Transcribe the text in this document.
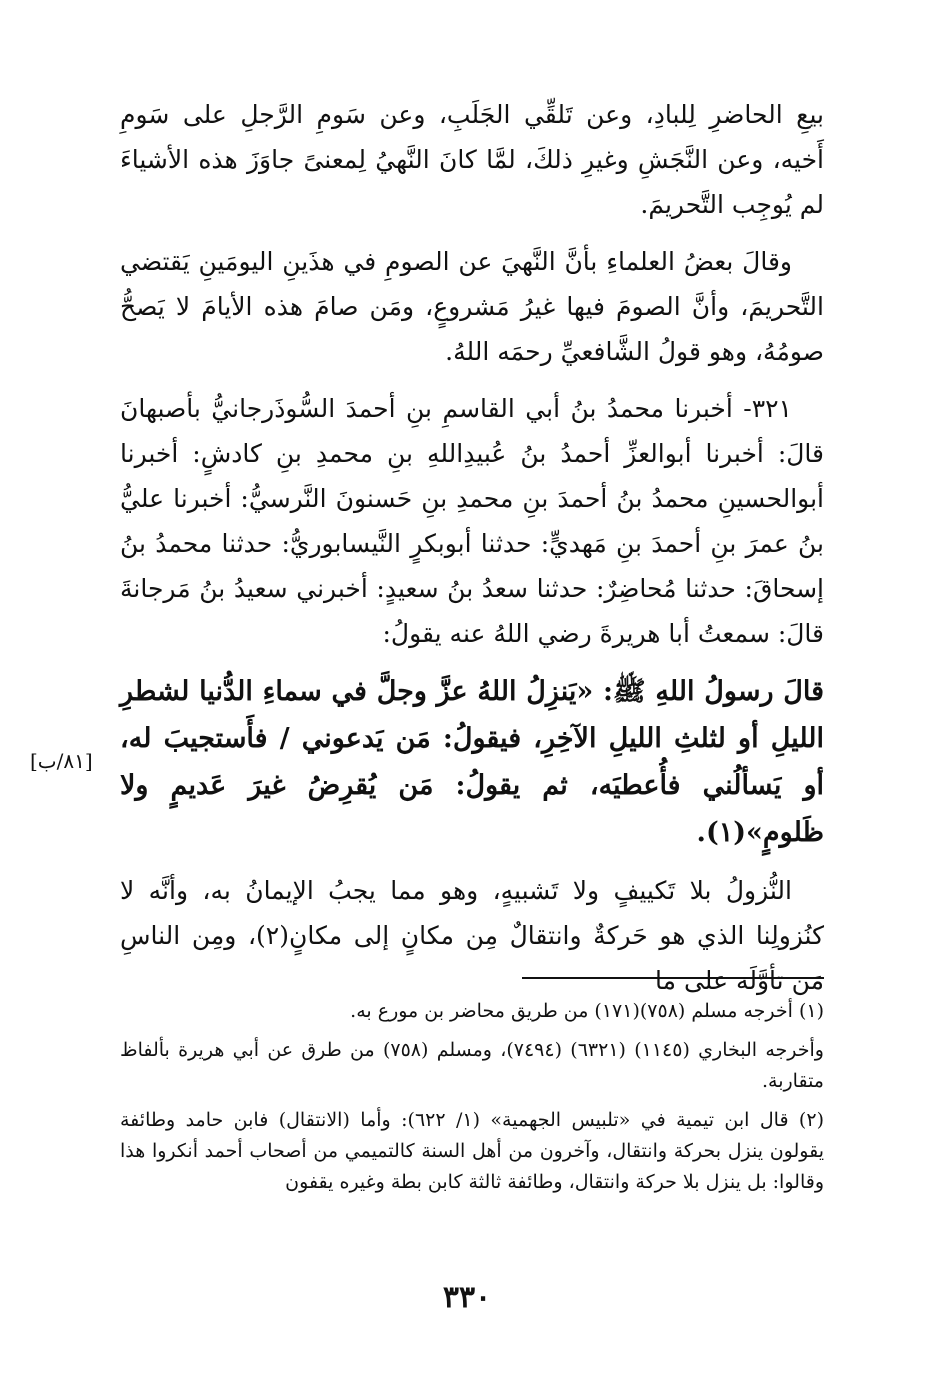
بيعِ الحاضرِ لِلبادِ، وعن تَلقِّي الجَلَبِ، وعن سَومِ الرَّجلِ على سَومِ أَخيه، وعن النَّجَشِ وغيرِ ذلكَ، لمَّا كانَ النَّهيُ لِمعنىً جاوَزَ هذه الأشياءَ لم يُوجِب التَّحريمَ.

وقالَ بعضُ العلماءِ بأنَّ النَّهيَ عن الصومِ في هذَينِ اليومَينِ يَقتضي التَّحريمَ، وأنَّ الصومَ فيها غيرُ مَشروعٍ، ومَن صامَ هذه الأيامَ لا يَصحُّ صومُهُ، وهو قولُ الشَّافعيِّ رحمَه اللهُ.

٣٢١- أخبرنا محمدُ بنُ أبي القاسمِ بنِ أحمدَ السُّوذَرجانيُّ بأصبهانَ قالَ: أخبرنا أبوالعزِّ أحمدُ بنُ عُبيدِاللهِ بنِ محمدِ بنِ كادشٍ: أخبرنا أبوالحسينِ محمدُ بنُ أحمدَ بنِ محمدِ بنِ حَسنونَ النَّرسيُّ: أخبرنا عليُّ بنُ عمرَ بنِ أحمدَ بنِ مَهديٍّ: حدثنا أبوبكرٍ النَّيسابوريُّ: حدثنا محمدُ بنُ إسحاقَ: حدثنا مُحاضِرٌ: حدثنا سعدُ بنُ سعيدٍ: أخبرني سعيدُ بنُ مَرجانةَ قالَ: سمعتُ أبا هريرةَ رضي اللهُ عنه يقولُ:

قالَ رسولُ اللهِ ﷺ: «يَنزِلُ اللهُ عزَّ وجلَّ في سماءِ الدُّنيا لشطرِ الليلِ أو لثلثِ الليلِ الآخِرِ، فيقولُ: مَن يَدعوني / فأَستجيبَ له، أو يَسألُني فأُعطيَه، ثم يقولُ: مَن يُقرِضُ غيرَ عَديمٍ ولا ظَلومٍ»(١).

النُّزولُ بلا تَكييفٍ ولا تَشبيهٍ، وهو مما يجبُ الإيمانُ به، وأنَّه لا كنُزولِنا الذي هو حَركةٌ وانتقالٌ مِن مكانٍ إلى مكانٍ(٢)، ومِن الناسِ مَن تأوَّلَه على ما

[٨١/ب]

(١) أخرجه مسلم (٧٥٨)(١٧١) من طريق محاضر بن مورع به.

وأخرجه البخاري (١١٤٥) (٦٣٢١) (٧٤٩٤)، ومسلم (٧٥٨) من طرق عن أبي هريرة بألفاظ متقاربة.

(٢) قال ابن تيمية في «تلبيس الجهمية» (١/ ٦٢٢): وأما (الانتقال) فابن حامد وطائفة يقولون ينزل بحركة وانتقال، وآخرون من أهل السنة كالتميمي من أصحاب أحمد أنكروا هذا وقالوا: بل ينزل بلا حركة وانتقال، وطائفة ثالثة كابن بطة وغيره يقفون

٣٣٠
